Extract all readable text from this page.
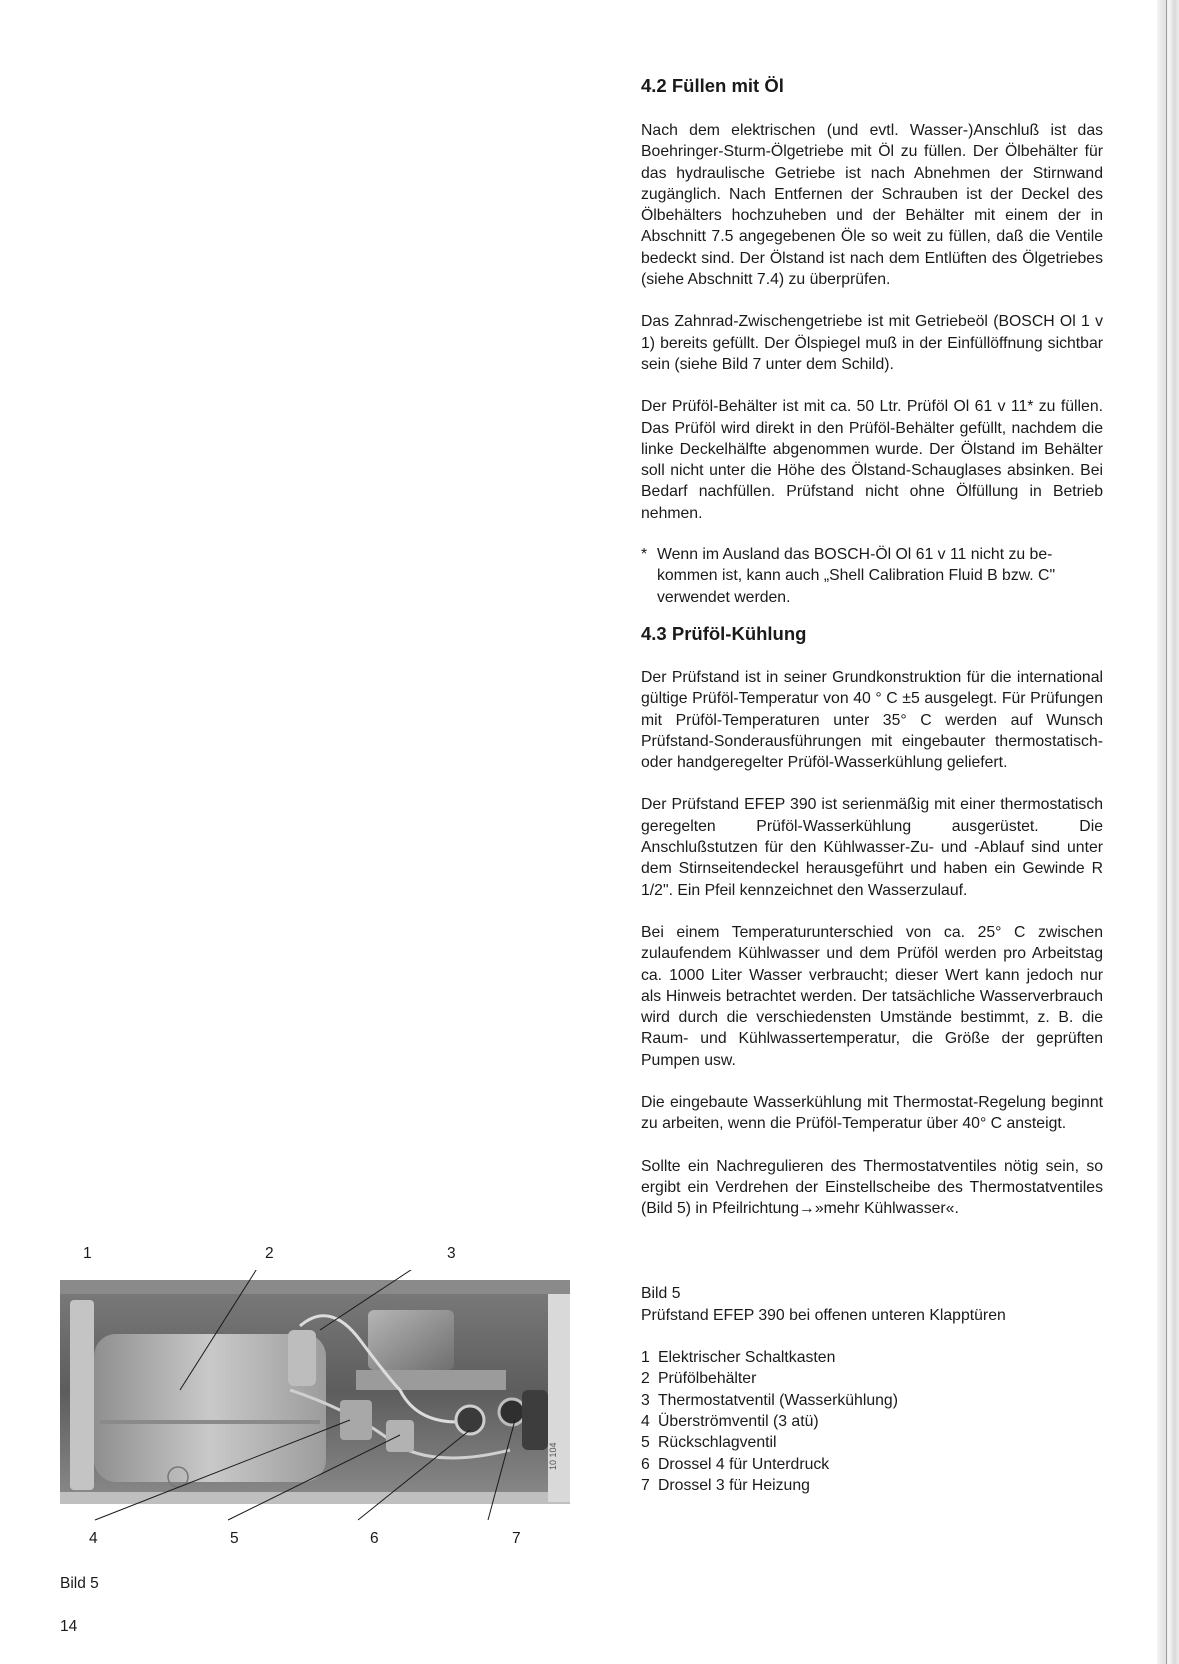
4.2 Füllen mit Öl

Nach dem elektrischen (und evtl. Wasser-)Anschluß ist das Boehringer-Sturm-Ölgetriebe mit Öl zu füllen. Der Ölbehälter für das hydraulische Getriebe ist nach Abnehmen der Stirnwand zugänglich. Nach Entfernen der Schrauben ist der Deckel des Ölbehälters hochzuheben und der Behälter mit einem der in Abschnitt 7.5 angegebenen Öle so weit zu füllen, daß die Ventile bedeckt sind. Der Ölstand ist nach dem Entlüften des Ölgetriebes (siehe Abschnitt 7.4) zu überprüfen.

Das Zahnrad-Zwischengetriebe ist mit Getriebeöl (BOSCH Ol 1 v 1) bereits gefüllt. Der Ölspiegel muß in der Einfüllöffnung sichtbar sein (siehe Bild 7 unter dem Schild).

Der Prüföl-Behälter ist mit ca. 50 Ltr. Prüföl Ol 61 v 11* zu füllen. Das Prüföl wird direkt in den Prüföl-Behälter gefüllt, nachdem die linke Deckelhälfte abgenommen wurde. Der Ölstand im Behälter soll nicht unter die Höhe des Ölstand-Schauglases absinken. Bei Bedarf nachfüllen. Prüfstand nicht ohne Ölfüllung in Betrieb nehmen.

* Wenn im Ausland das BOSCH-Öl Ol 61 v 11 nicht zu bekommen ist, kann auch „Shell Calibration Fluid B bzw. C" verwendet werden.
4.3 Prüföl-Kühlung

Der Prüfstand ist in seiner Grundkonstruktion für die international gültige Prüföl-Temperatur von 40 ° C ±5 ausgelegt. Für Prüfungen mit Prüföl-Temperaturen unter 35° C werden auf Wunsch Prüfstand-Sonderausführungen mit eingebauter thermostatisch- oder handgeregelter Prüföl-Wasserkühlung geliefert.

Der Prüfstand EFEP 390 ist serienmäßig mit einer thermostatisch geregelten Prüföl-Wasserkühlung ausgerüstet. Die Anschlußstutzen für den Kühlwasser-Zu- und -Ablauf sind unter dem Stirnseitendeckel herausgeführt und haben ein Gewinde R 1/2". Ein Pfeil kennzeichnet den Wasserzulauf.

Bei einem Temperaturunterschied von ca. 25° C zwischen zulaufendem Kühlwasser und dem Prüföl werden pro Arbeitstag ca. 1000 Liter Wasser verbraucht; dieser Wert kann jedoch nur als Hinweis betrachtet werden. Der tatsächliche Wasserverbrauch wird durch die verschiedensten Umstände bestimmt, z. B. die Raum- und Kühlwassertemperatur, die Größe der geprüften Pumpen usw.

Die eingebaute Wasserkühlung mit Thermostat-Regelung beginnt zu arbeiten, wenn die Prüföl-Temperatur über 40° C ansteigt.

Sollte ein Nachregulieren des Thermostatventiles nötig sein, so ergibt ein Verdrehen der Einstellscheibe des Thermostatventiles (Bild 5) in Pfeilrichtung→»mehr Kühlwasser«.

Bild 5

Prüfstand EFEP 390 bei offenen unteren Klapptüren

1 Elektrischer Schaltkasten
2 Prüfölbehälter
3 Thermostatventil (Wasserkühlung)
4 Überströmventil (3 atü)
5 Rückschlagventil
6 Drossel 4 für Unterdruck
7 Drossel 3 für Heizung
1	2	3
10 104
4	5	6	7
Bild 5
14
